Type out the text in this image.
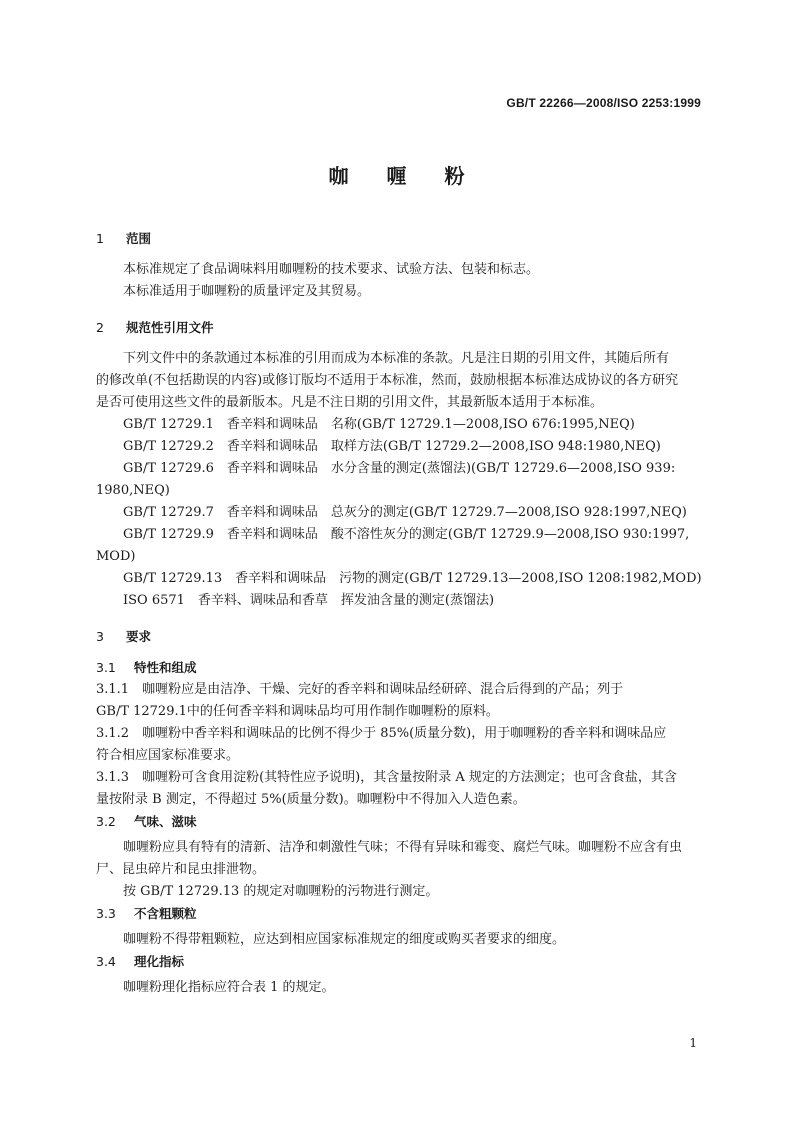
GB/T 22266—2008/ISO 2253:1999
咖喱粉
1 范围
本标准规定了食品调味料用咖喱粉的技术要求、试验方法、包装和标志。
本标准适用于咖喱粉的质量评定及其贸易。
2 规范性引用文件
下列文件中的条款通过本标准的引用而成为本标准的条款。凡是注日期的引用文件，其随后所有
的修改单(不包括勘误的内容)或修订版均不适用于本标准，然而，鼓励根据本标准达成协议的各方研究
是否可使用这些文件的最新版本。凡是不注日期的引用文件，其最新版本适用于本标准。
GB/T 12729.1　香辛料和调味品　名称(GB/T 12729.1—2008,ISO 676:1995,NEQ)
GB/T 12729.2　香辛料和调味品　取样方法(GB/T 12729.2—2008,ISO 948:1980,NEQ)
GB/T 12729.6　香辛料和调味品　水分含量的测定(蒸馏法)(GB/T 12729.6—2008,ISO 939:
1980,NEQ)
GB/T 12729.7　香辛料和调味品　总灰分的测定(GB/T 12729.7—2008,ISO 928:1997,NEQ)
GB/T 12729.9　香辛料和调味品　酸不溶性灰分的测定(GB/T 12729.9—2008,ISO 930:1997,
MOD)
GB/T 12729.13　香辛料和调味品　污物的测定(GB/T 12729.13—2008,ISO 1208:1982,MOD)
ISO 6571　香辛料、调味品和香草　挥发油含量的测定(蒸馏法)
3 要求
3.1 特性和组成
3.1.1　咖喱粉应是由洁净、干燥、完好的香辛料和调味品经研碎、混合后得到的产品；列于
GB/T 12729.1中的任何香辛料和调味品均可用作制作咖喱粉的原料。
3.1.2　咖喱粉中香辛料和调味品的比例不得少于 85%(质量分数)，用于咖喱粉的香辛料和调味品应
符合相应国家标准要求。
3.1.3　咖喱粉可含食用淀粉(其特性应予说明)，其含量按附录 A 规定的方法测定；也可含食盐，其含
量按附录 B 测定，不得超过 5%(质量分数)。咖喱粉中不得加入人造色素。
3.2 气味、滋味
咖喱粉应具有特有的清新、洁净和刺激性气味；不得有异味和霉变、腐烂气味。咖喱粉不应含有虫
尸、昆虫碎片和昆虫排泄物。
按 GB/T 12729.13 的规定对咖喱粉的污物进行测定。
3.3 不含粗颗粒
咖喱粉不得带粗颗粒，应达到相应国家标准规定的细度或购买者要求的细度。
3.4 理化指标
咖喱粉理化指标应符合表 1 的规定。
1
